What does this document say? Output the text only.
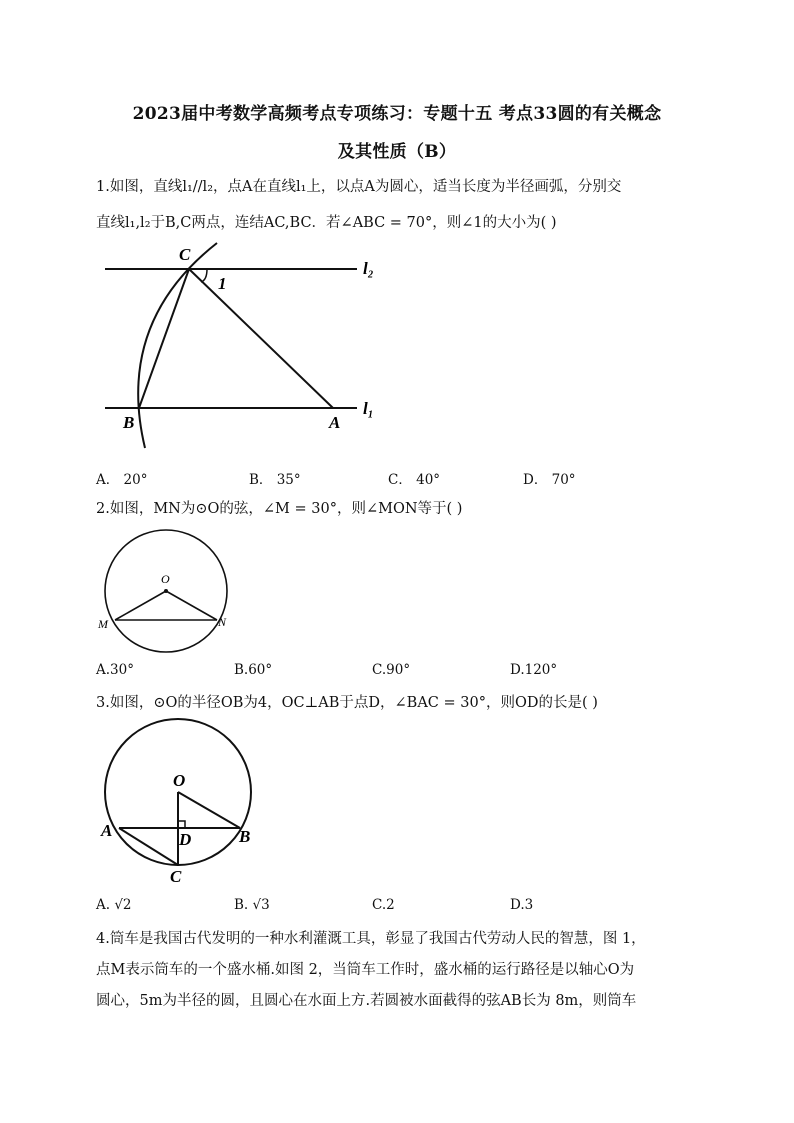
2023届中考数学高频考点专项练习：专题十五 考点33圆的有关概念
及其性质（B）
1.如图，直线l₁//l₂，点A在直线l₁上，以点A为圆心，适当长度为半径画弧，分别交
直线l₁,l₂于B,C两点，连结AC,BC．若∠ABC = 70°，则∠1的大小为( )
C
1
B	A
l₂
l₁
A． 20°	B． 35°	C． 40°	D． 70°
2.如图，MN为⊙O的弦，∠M = 30°，则∠MON等于( )
O
M	N
A.30°	B.60°	C.90°	D.120°
3.如图，⊙O的半径OB为4，OC⊥AB于点D，∠BAC = 30°，则OD的长是( )
O
A	B
D
C
A. √2	B. √3	C.2	D.3
4.筒车是我国古代发明的一种水利灌溉工具，彰显了我国古代劳动人民的智慧，图 1，
点M表示筒车的一个盛水桶.如图 2，当筒车工作时，盛水桶的运行路径是以轴心O为
圆心，5m为半径的圆，且圆心在水面上方.若圆被水面截得的弦AB长为 8m，则筒车
